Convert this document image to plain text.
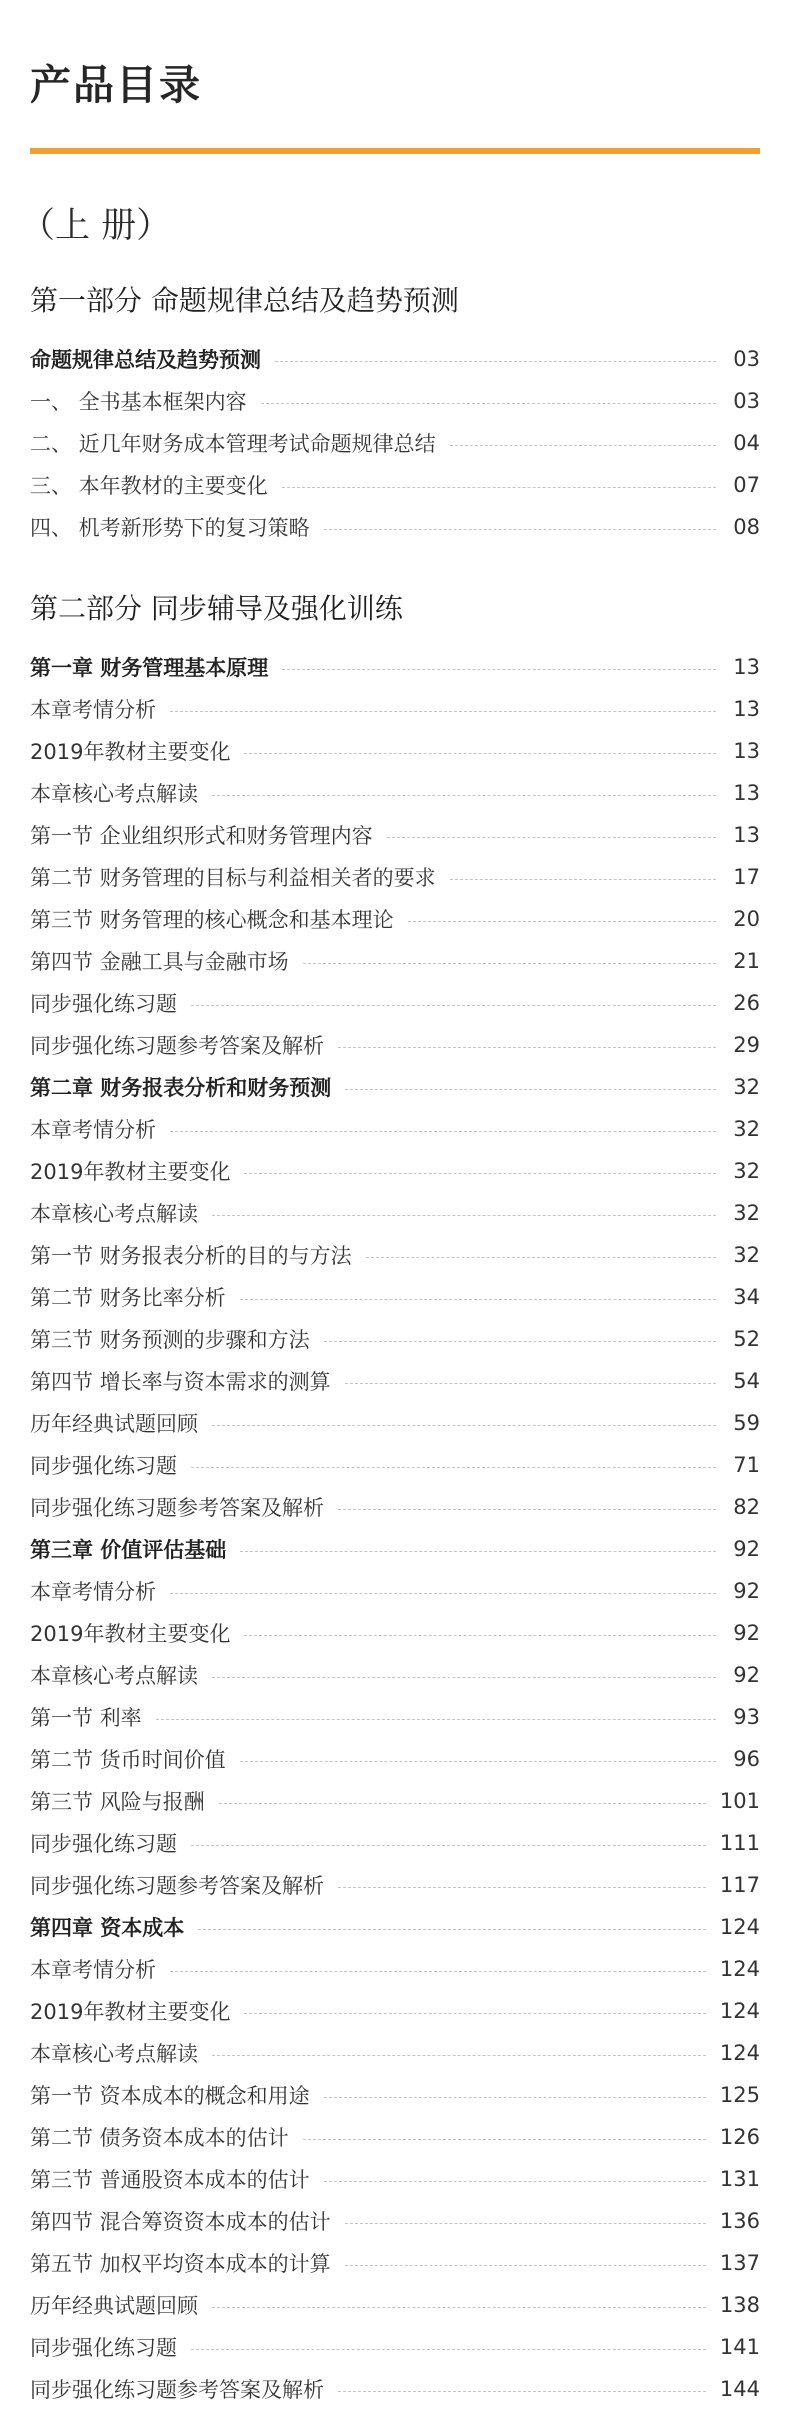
产品目录
（上 册）
第一部分 命题规律总结及趋势预测
命题规律总结及趋势预测	03
一、 全书基本框架内容	03
二、 近几年财务成本管理考试命题规律总结	04
三、 本年教材的主要变化	07
四、 机考新形势下的复习策略	08
第二部分 同步辅导及强化训练
第一章 财务管理基本原理	13
本章考情分析	13
2019年教材主要变化	13
本章核心考点解读	13
第一节 企业组织形式和财务管理内容	13
第二节 财务管理的目标与利益相关者的要求	17
第三节 财务管理的核心概念和基本理论	20
第四节 金融工具与金融市场	21
同步强化练习题	26
同步强化练习题参考答案及解析	29
第二章 财务报表分析和财务预测	32
本章考情分析	32
2019年教材主要变化	32
本章核心考点解读	32
第一节 财务报表分析的目的与方法	32
第二节 财务比率分析	34
第三节 财务预测的步骤和方法	52
第四节 增长率与资本需求的测算	54
历年经典试题回顾	59
同步强化练习题	71
同步强化练习题参考答案及解析	82
第三章 价值评估基础	92
本章考情分析	92
2019年教材主要变化	92
本章核心考点解读	92
第一节 利率	93
第二节 货币时间价值	96
第三节 风险与报酬	101
同步强化练习题	111
同步强化练习题参考答案及解析	117
第四章 资本成本	124
本章考情分析	124
2019年教材主要变化	124
本章核心考点解读	124
第一节 资本成本的概念和用途	125
第二节 债务资本成本的估计	126
第三节 普通股资本成本的估计	131
第四节 混合筹资资本成本的估计	136
第五节 加权平均资本成本的计算	137
历年经典试题回顾	138
同步强化练习题	141
同步强化练习题参考答案及解析	144
